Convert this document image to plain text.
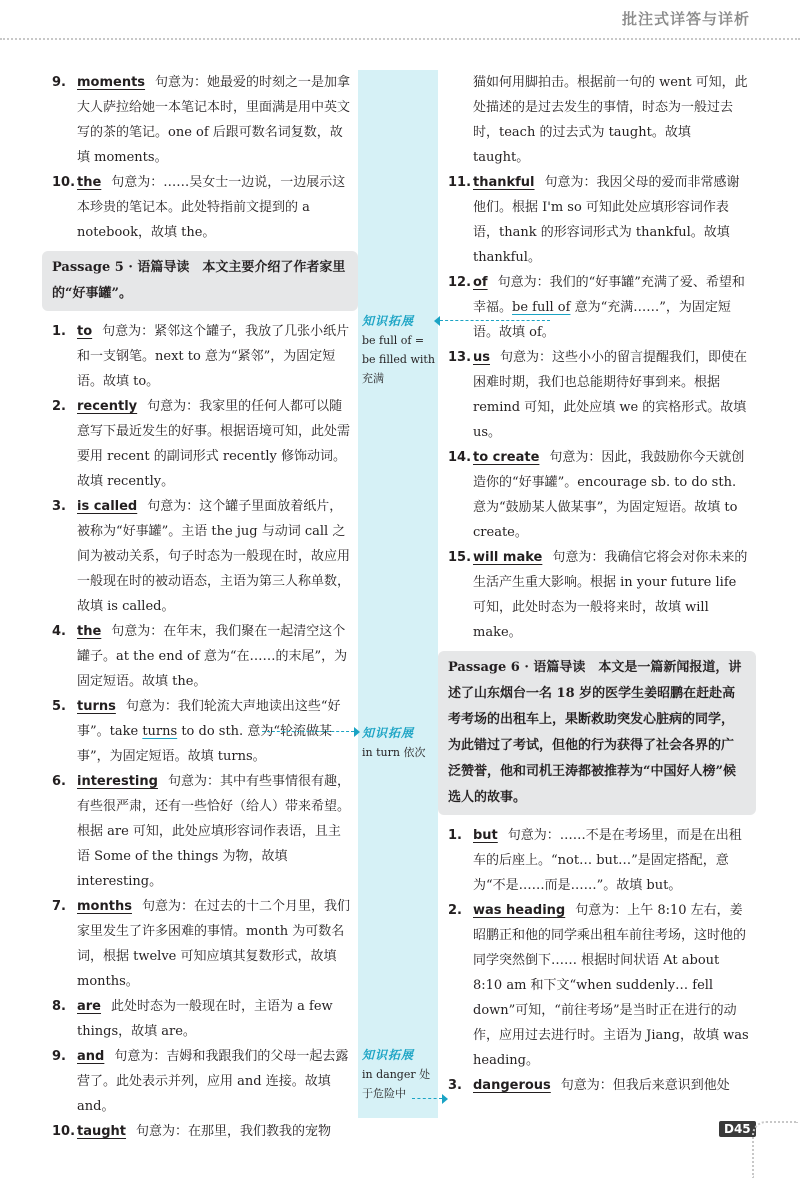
批注式详答与详析
9. moments 句意为：她最爱的时刻之一是加拿大人萨拉给她一本笔记本时，里面满是用中英文写的茶的笔记。one of 后跟可数名词复数，故填 moments。
10. the 句意为：……吴女士一边说，一边展示这本珍贵的笔记本。此处特指前文提到的 a notebook，故填 the。
Passage 5 · 语篇导读　本文主要介绍了作者家里的“好事罐”。
1. to 句意为：紧邻这个罐子，我放了几张小纸片和一支钢笔。next to 意为“紧邻”，为固定短语。故填 to。
2. recently 句意为：我家里的任何人都可以随意写下最近发生的好事。根据语境可知，此处需要用 recent 的副词形式 recently 修饰动词。故填 recently。
3. is called 句意为：这个罐子里面放着纸片，被称为“好事罐”。主语 the jug 与动词 call 之间为被动关系，句子时态为一般现在时，故应用一般现在时的被动语态，主语为第三人称单数，故填 is called。
4. the 句意为：在年末，我们聚在一起清空这个罐子。at the end of 意为“在……的末尾”，为固定短语。故填 the。
5. turns 句意为：我们轮流大声地读出这些“好事”。take turns to do sth. 意为“轮流做某事”，为固定短语。故填 turns。
6. interesting 句意为：其中有些事情很有趣，有些很严肃，还有一些恰好（给人）带来希望。根据 are 可知，此处应填形容词作表语，且主语 Some of the things 为物，故填 interesting。
7. months 句意为：在过去的十二个月里，我们家里发生了许多困难的事情。month 为可数名词，根据 twelve 可知应填其复数形式，故填 months。
8. are 此处时态为一般现在时，主语为 a few things，故填 are。
9. and 句意为：吉姆和我跟我们的父母一起去露营了。此处表示并列，应用 and 连接。故填 and。
10. taught 句意为：在那里，我们教我的宠物
猫如何用脚拍击。根据前一句的 went 可知，此处描述的是过去发生的事情，时态为一般过去时，teach 的过去式为 taught。故填 taught。
11. thankful 句意为：我因父母的爱而非常感谢他们。根据 I'm so 可知此处应填形容词作表语，thank 的形容词形式为 thankful。故填 thankful。
12. of 句意为：我们的“好事罐”充满了爱、希望和幸福。be full of 意为“充满……”，为固定短语。故填 of。
13. us 句意为：这些小小的留言提醒我们，即使在困难时期，我们也总能期待好事到来。根据 remind 可知，此处应填 we 的宾格形式。故填 us。
14. to create 句意为：因此，我鼓励你今天就创造你的“好事罐”。encourage sb. to do sth. 意为“鼓励某人做某事”，为固定短语。故填 to create。
15. will make 句意为：我确信它将会对你未来的生活产生重大影响。根据 in your future life 可知，此处时态为一般将来时，故填 will make。
Passage 6 · 语篇导读　本文是一篇新闻报道，讲述了山东烟台一名 18 岁的医学生姜昭鹏在赶赴高考考场的出租车上，果断救助突发心脏病的同学，为此错过了考试，但他的行为获得了社会各界的广泛赞誉，他和司机王涛都被推荐为“中国好人榜”候选人的故事。
1. but 句意为：……不是在考场里，而是在出租车的后座上。“not… but…”是固定搭配，意为“不是……而是……”。故填 but。
2. was heading 句意为：上午 8:10 左右，姜昭鹏正和他的同学乘出租车前往考场，这时他的同学突然倒下…… 根据时间状语 At about 8:10 am 和下文“when suddenly… fell down”可知，“前往考场”是当时正在进行的动作，应用过去进行时。主语为 Jiang，故填 was heading。
3. dangerous 句意为：但我后来意识到他处
知识拓展
be full of = be filled with 充满
知识拓展
in turn 依次
知识拓展
in danger 处于危险中
D45
